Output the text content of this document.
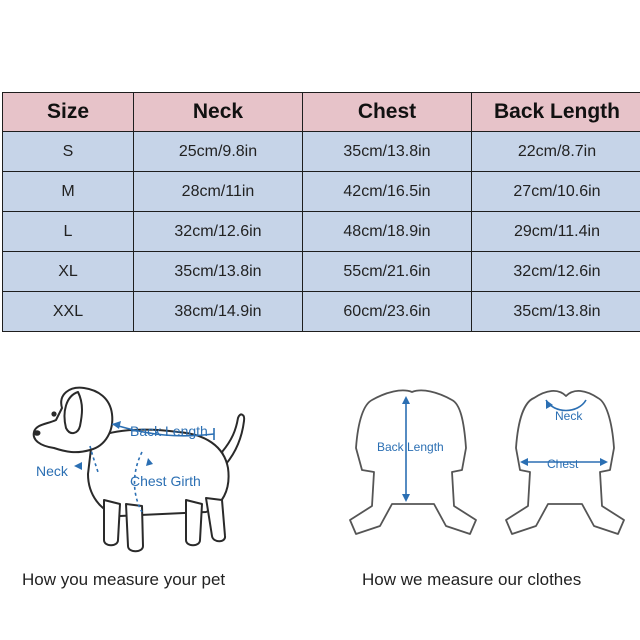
Size	Neck	Chest	Back Length
S	25cm/9.8in	35cm/13.8in	22cm/8.7in
M	28cm/11in	42cm/16.5in	27cm/10.6in
L	32cm/12.6in	48cm/18.9in	29cm/11.4in
XL	35cm/13.8in	55cm/21.6in	32cm/12.6in
XXL	38cm/14.9in	60cm/23.6in	35cm/13.8in
Back Length
Neck
Chest Girth
How you measure your pet
Back Length
Neck
Chest
How we measure our clothes
